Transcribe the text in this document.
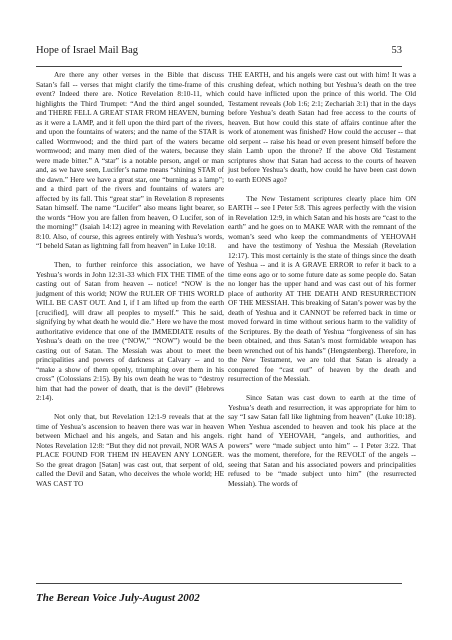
Hope of Israel Mail Bag	53

Are there any other verses in the Bible that discuss Satan’s fall -- verses that might clarify the time-frame of this event? Indeed there are. Notice Revelation 8:10-11, which highlights the Third Trumpet: “And the third angel sounded, and THERE FELL A GREAT STAR FROM HEAVEN, burning as it were a LAMP, and it fell upon the third part of the rivers, and upon the fountains of waters; and the name of the STAR is called Wormwood; and the third part of the waters became wormwood; and many men died of the waters, because they were made bitter.” A “star” is a notable person, angel or man and, as we have seen, Lucifer’s name means “shining STAR of the dawn.” Here we have a great star, one “burning as a lamp”; and a third part of the rivers and fountains of waters are affected by its fall. This “great star” in Revelation 8 represents Satan himself. The name “Lucifer” also means light bearer, so the words “How you are fallen from heaven, O Lucifer, son of the morning!” (Isaiah 14:12) agree in meaning with Revelation 8:10. Also, of course, this agrees entirely with Yeshua’s words, “I beheld Satan as lightning fall from heaven” in Luke 10:18.

Then, to further reinforce this association, we have Yeshua’s words in John 12:31-33 which FIX THE TIME of the casting out of Satan from heaven -- notice! “NOW is the judgment of this world; NOW the RULER OF THIS WORLD WILL BE CAST OUT. And I, if I am lifted up from the earth [crucified], will draw all peoples to myself.” This he said, signifying by what death he would die.” Here we have the most authoritative evidence that one of the IMMEDIATE results of Yeshua’s death on the tree (“NOW,” “NOW”) would be the casting out of Satan. The Messiah was about to meet the principalities and powers of darkness at Calvary -- and to “make a show of them openly, triumphing over them in his cross” (Colossians 2:15). By his own death he was to “destroy him that had the power of death, that is the devil” (Hebrews 2:14).

Not only that, but Revelation 12:1-9 reveals that at the time of Yeshua’s ascension to heaven there was war in heaven between Michael and his angels, and Satan and his angels. Notes Revelation 12:8: “But they did not prevail, NOR WAS A PLACE FOUND FOR THEM IN HEAVEN ANY LONGER. So the great dragon [Satan] was cast out, that serpent of old, called the Devil and Satan, who deceives the whole world; HE WAS CAST TO

THE EARTH, and his angels were cast out with him! It was a crushing defeat, which nothing but Yeshua’s death on the tree could have inflicted upon the prince of this world. The Old Testament reveals (Job 1:6; 2:1; Zechariah 3:1) that in the days before Yeshua’s death Satan had free access to the courts of heaven. But how could this state of affairs continue after the work of atonement was finished? How could the accuser -- that old serpent -- raise his head or even present himself before the slain Lamb upon the throne? If the above Old Testament scriptures show that Satan had access to the courts of heaven just before Yeshua’s death, how could he have been cast down to earth EONS ago?

The New Testament scriptures clearly place him ON EARTH -- see I Peter 5:8. This agrees perfectly with the vision in Revelation 12:9, in which Satan and his hosts are “cast to the earth” and he goes on to MAKE WAR with the remnant of the woman’s seed who keep the commandments of YEHOVAH and have the testimony of Yeshua the Messiah (Revelation 12:17). This most certainly is the state of things since the death of Yeshua -- and it is A GRAVE ERROR to refer it back to a time eons ago or to some future date as some people do. Satan no longer has the upper hand and was cast out of his former place of authority AT THE DEATH AND RESURRECTION OF THE MESSIAH. This breaking of Satan’s power was by the death of Yeshua and it CANNOT be referred back in time or moved forward in time without serious harm to the validity of the Scriptures. By the death of Yeshua “forgiveness of sin has been obtained, and thus Satan’s most formidable weapon has been wrenched out of his hands” (Hengstenberg). Therefore, in the New Testament, we are told that Satan is already a conquered foe “cast out” of heaven by the death and resurrection of the Messiah.

Since Satan was cast down to earth at the time of Yeshua’s death and resurrection, it was appropriate for him to say “I saw Satan fall like lightning from heaven” (Luke 10:18). When Yeshua ascended to heaven and took his place at the right hand of YEHOVAH, “angels, and authorities, and powers” were “made subject unto him” -- I Peter 3:22. That was the moment, therefore, for the REVOLT of the angels -- seeing that Satan and his associated powers and principalities refused to be “made subject unto him” (the resurrected Messiah). The words of

The Berean Voice July-August 2002
